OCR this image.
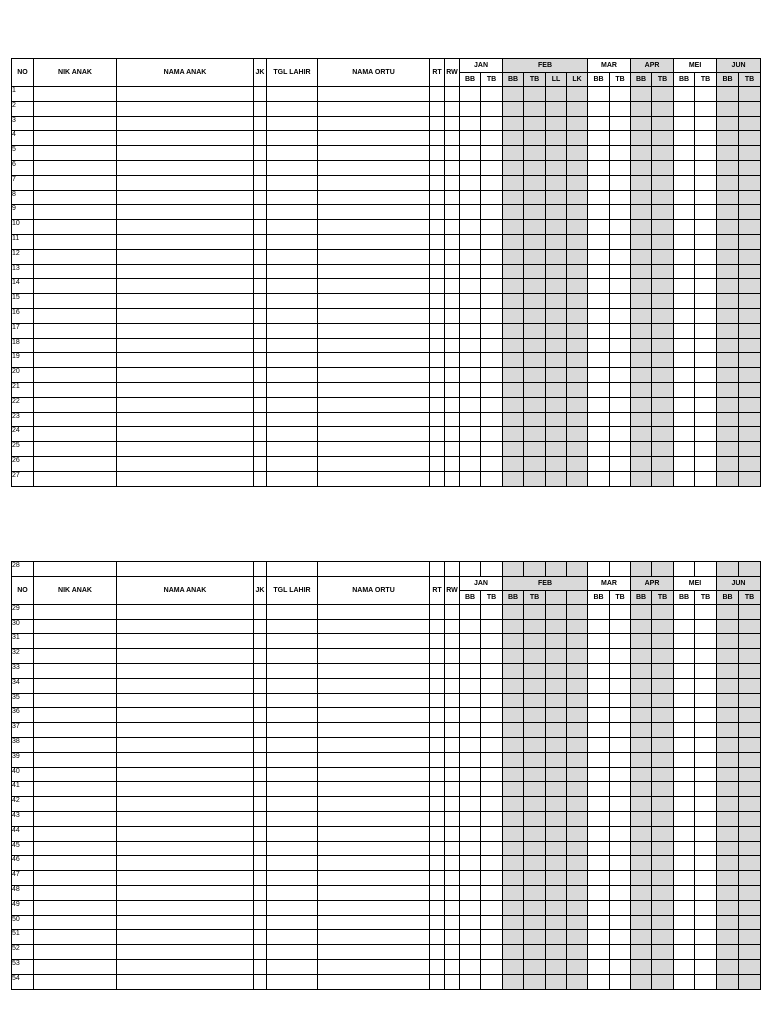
NO	NIK ANAK	NAMA ANAK	JK	TGL LAHIR	NAMA ORTU	RT	RW	JAN		FEB				MAR		APR		MEI		JUN	
								BB	TB	BB	TB	LL	LK	BB	TB	BB	TB	BB	TB	BB	TB
1																					
2																					
3																					
4																					
5																					
6																					
7																					
8																					
9																					
10																					
11																					
12																					
13																					
14																					
15																					
16																					
17																					
18																					
19																					
20																					
21																					
22																					
23																					
24																					
25																					
26																					
27																					
28																					
NO	NIK ANAK	NAMA ANAK	JK	TGL LAHIR	NAMA ORTU	RT	RW	JAN		FEB				MAR		APR		MEI		JUN	
								BB	TB	BB	TB			BB	TB	BB	TB	BB	TB	BB	TB
29																					
30																					
31																					
32																					
33																					
34																					
35																					
36																					
37																					
38																					
39																					
40																					
41																					
42																					
43																					
44																					
45																					
46																					
47																					
48																					
49																					
50																					
51																					
52																					
53																					
54																					
